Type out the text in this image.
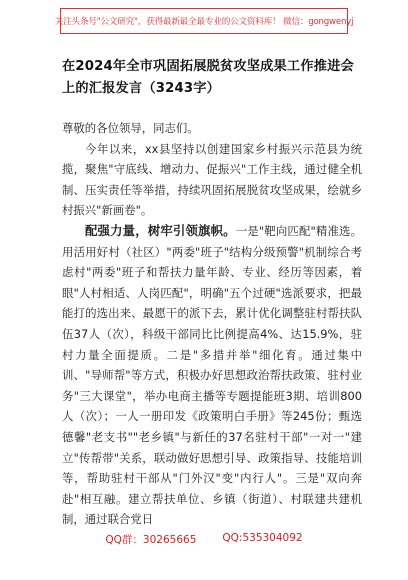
关注头条号"公文研究"，获得最新最全最专业的公文资料库！ 微信：gongwenyj
在2024年全市巩固拓展脱贫攻坚成果工作推进会上的汇报发言（3243字）

尊敬的各位领导，同志们。

今年以来，xx县坚持以创建国家乡村振兴示范县为统揽，聚焦"守底线、增动力、促振兴"工作主线，通过健全机制、压实责任等举措，持续巩固拓展脱贫攻坚成果，绘就乡村振兴"新画卷"。

配强力量，树牢引领旗帜。一是"靶向匹配"精准选。用活用好村（社区）"两委"班子"结构分级预警"机制综合考虑村"两委"班子和帮扶力量年龄、专业、经历等因素，着眼"人村相适、人岗匹配"，明确"五个过硬"选派要求，把最能打的选出来、最愿干的派下去，累计优化调整驻村帮扶队伍37人（次），科级干部同比比例提高4%、达15.9%，驻村力量全面提质。二是"多措并举"细化育。通过集中训、"导师帮"等方式，积极办好思想政治帮扶政策、驻村业务"三大课堂"，举办电商主播等专题提能班3期、培训800人（次）；一人一册印发《政策明白手册》等245份；甄选德馨"老支书""老乡镇"与新任的37名驻村干部"一对一"建立"传帮带"关系，联动做好思想引导、政策指导、技能培训等，帮助驻村干部从"门外汉"变"内行人"。三是"双向奔赴"相互融。建立帮扶单位、乡镇（街道）、村联建共建机制，通过联合党日

QQ群：30265665 QQ:535304092
